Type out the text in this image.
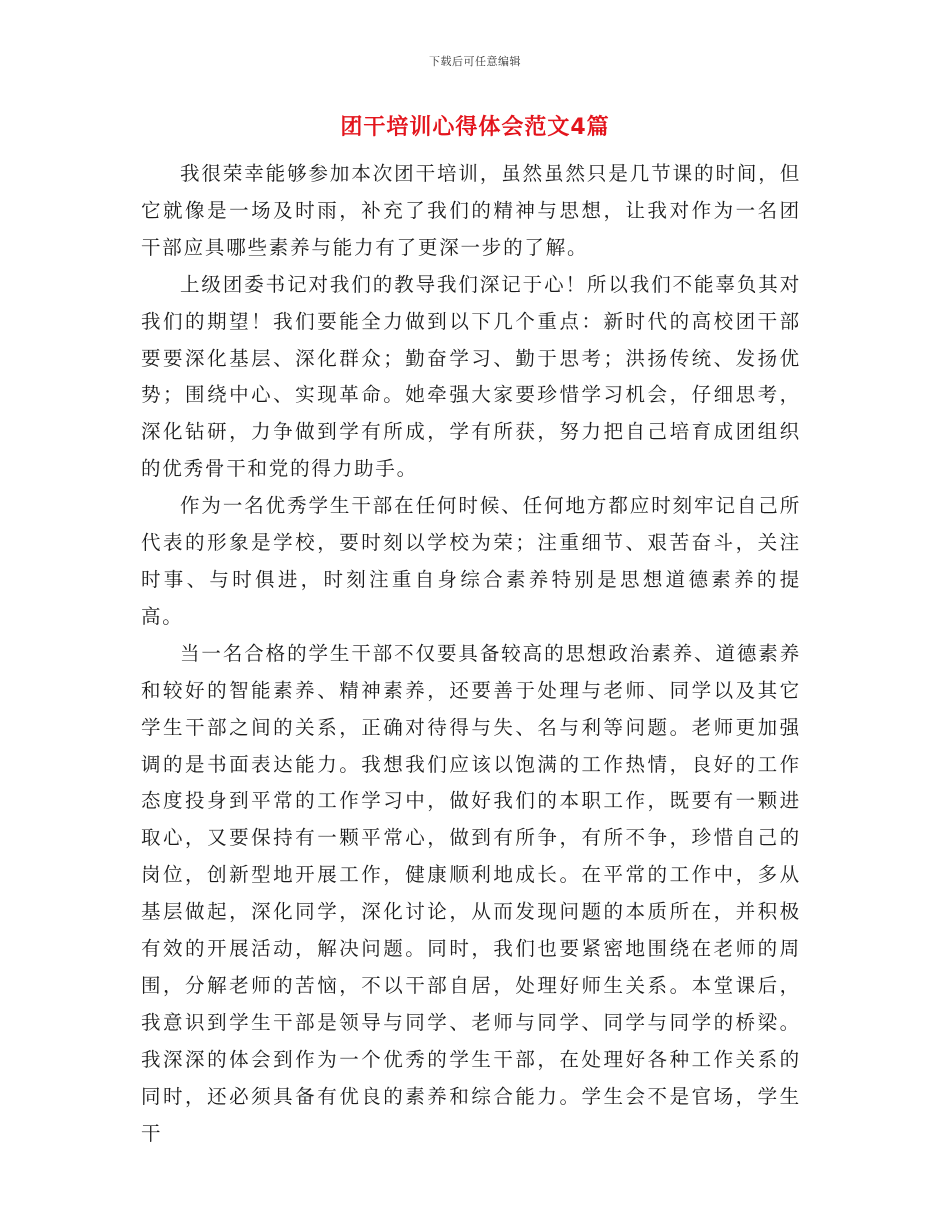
下载后可任意编辑
团干培训心得体会范文4篇

我很荣幸能够参加本次团干培训，虽然虽然只是几节课的时间，但它就像是一场及时雨，补充了我们的精神与思想，让我对作为一名团干部应具哪些素养与能力有了更深一步的了解。

上级团委书记对我们的教导我们深记于心！所以我们不能辜负其对我们的期望！我们要能全力做到以下几个重点：新时代的高校团干部要要深化基层、深化群众；勤奋学习、勤于思考；洪扬传统、发扬优势；围绕中心、实现革命。她牵强大家要珍惜学习机会，仔细思考，深化钻研，力争做到学有所成，学有所获，努力把自己培育成团组织的优秀骨干和党的得力助手。

作为一名优秀学生干部在任何时候、任何地方都应时刻牢记自己所代表的形象是学校，要时刻以学校为荣；注重细节、艰苦奋斗，关注时事、与时俱进，时刻注重自身综合素养特别是思想道德素养的提高。

当一名合格的学生干部不仅要具备较高的思想政治素养、道德素养和较好的智能素养、精神素养，还要善于处理与老师、同学以及其它学生干部之间的关系，正确对待得与失、名与利等问题。老师更加强调的是书面表达能力。我想我们应该以饱满的工作热情，良好的工作态度投身到平常的工作学习中，做好我们的本职工作，既要有一颗进取心，又要保持有一颗平常心，做到有所争，有所不争，珍惜自己的岗位，创新型地开展工作，健康顺利地成长。在平常的工作中，多从基层做起，深化同学，深化讨论，从而发现问题的本质所在，并积极有效的开展活动，解决问题。同时，我们也要紧密地围绕在老师的周围，分解老师的苦恼，不以干部自居，处理好师生关系。本堂课后，我意识到学生干部是领导与同学、老师与同学、同学与同学的桥梁。我深深的体会到作为一个优秀的学生干部，在处理好各种工作关系的同时，还必须具备有优良的素养和综合能力。学生会不是官场，学生干
